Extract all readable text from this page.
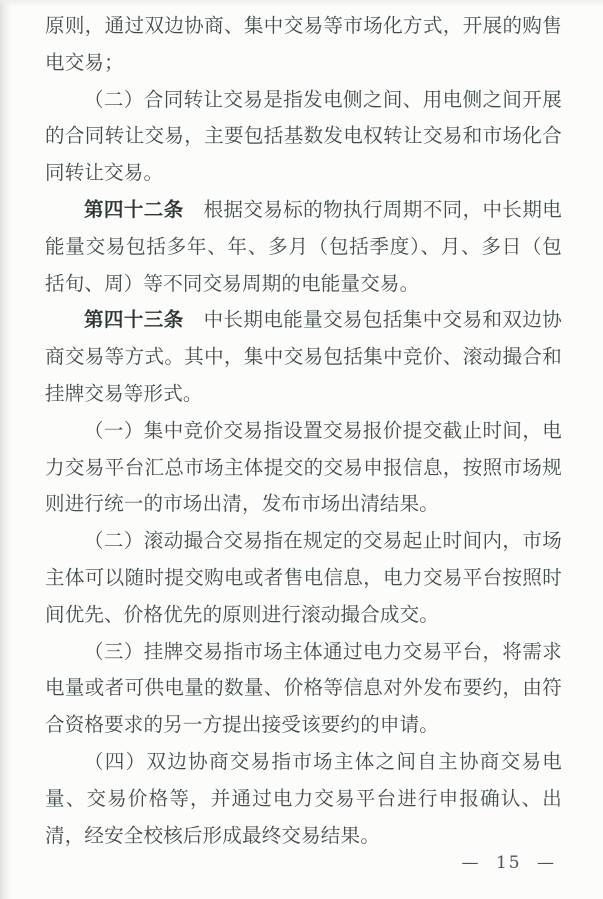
原则，通过双边协商、集中交易等市场化方式，开展的购售电交易；

（二）合同转让交易是指发电侧之间、用电侧之间开展的合同转让交易，主要包括基数发电权转让交易和市场化合同转让交易。

第四十二条　 根据交易标的物执行周期不同，中长期电能量交易包括多年、年、多月（包括季度）、月、多日（包括旬、周）等不同交易周期的电能量交易。

第四十三条　 中长期电能量交易包括集中交易和双边协商交易等方式。其中，集中交易包括集中竞价、滚动撮合和挂牌交易等形式。

（一）集中竞价交易指设置交易报价提交截止时间，电力交易平台汇总市场主体提交的交易申报信息，按照市场规则进行统一的市场出清，发布市场出清结果。

（二）滚动撮合交易指在规定的交易起止时间内，市场主体可以随时提交购电或者售电信息，电力交易平台按照时间优先、价格优先的原则进行滚动撮合成交。

（三）挂牌交易指市场主体通过电力交易平台，将需求电量或者可供电量的数量、价格等信息对外发布要约，由符合资格要求的另一方提出接受该要约的申请。

（四）双边协商交易指市场主体之间自主协商交易电量、交易价格等，并通过电力交易平台进行申报确认、出清，经安全校核后形成最终交易结果。

— 15 —
